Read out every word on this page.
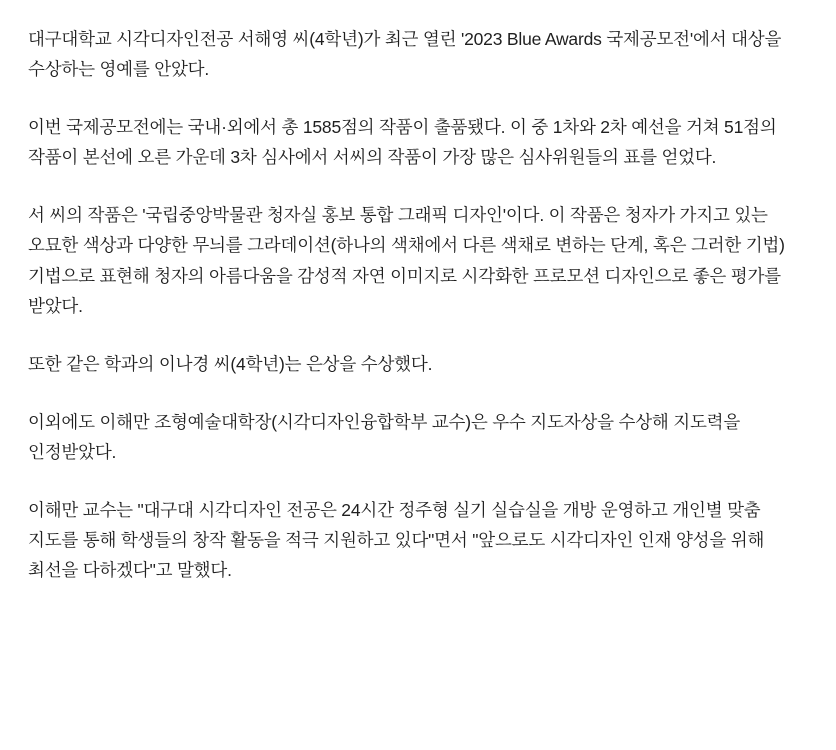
대구대학교 시각디자인전공 서해영 씨(4학년)가 최근 열린 '2023 Blue Awards 국제공모전'에서 대상을 수상하는 영예를 안았다.

이번 국제공모전에는 국내·외에서 총 1585점의 작품이 출품됐다. 이 중 1차와 2차 예선을 거쳐 51점의 작품이 본선에 오른 가운데 3차 심사에서 서씨의 작품이 가장 많은 심사위원들의 표를 얻었다.

서 씨의 작품은 '국립중앙박물관 청자실 홍보 통합 그래픽 디자인'이다. 이 작품은 청자가 가지고 있는 오묘한 색상과 다양한 무늬를 그라데이션(하나의 색채에서 다른 색채로 변하는 단계, 혹은 그러한 기법) 기법으로 표현해 청자의 아름다움을 감성적 자연 이미지로 시각화한 프로모션 디자인으로 좋은 평가를 받았다.

또한 같은 학과의 이나경 씨(4학년)는 은상을 수상했다.

이외에도 이해만 조형예술대학장(시각디자인융합학부 교수)은 우수 지도자상을 수상해 지도력을 인정받았다.

이해만 교수는 "대구대 시각디자인 전공은 24시간 정주형 실기 실습실을 개방 운영하고 개인별 맞춤 지도를 통해 학생들의 창작 활동을 적극 지원하고 있다"면서 "앞으로도 시각디자인 인재 양성을 위해 최선을 다하겠다"고 말했다.
